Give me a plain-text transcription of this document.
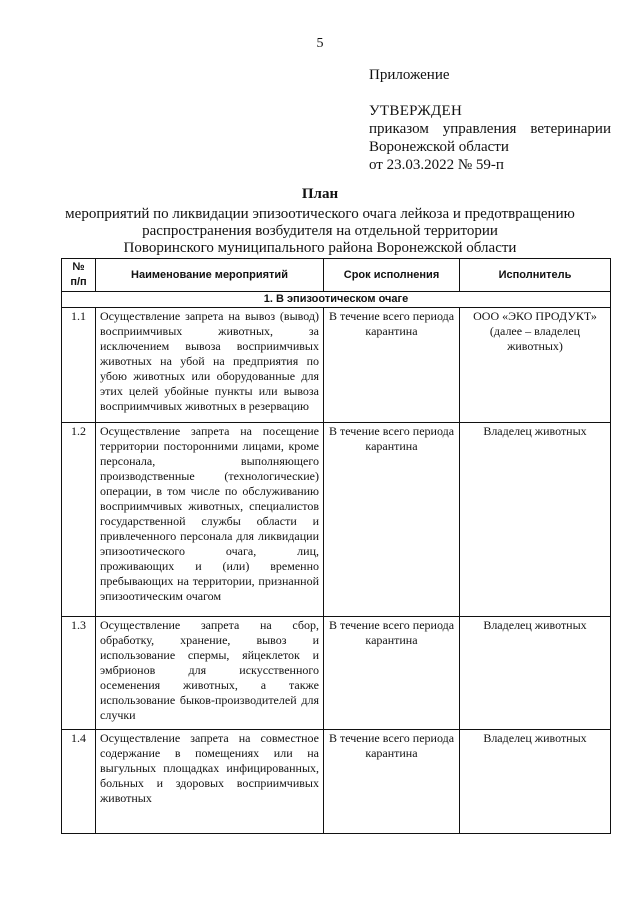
5
Приложение
УТВЕРЖДЕН
приказом управления ветеринарии
Воронежской области
от 23.03.2022 № 59-п
План
мероприятий по ликвидации эпизоотического очага лейкоза и предотвращению
распространения возбудителя на отдельной территории
Поворинского муниципального района Воронежской области
№ п/п	Наименование мероприятий	Срок исполнения	Исполнитель
1. В эпизоотическом очаге			
1.1	Осуществление запрета на вывоз (вывод) восприимчивых животных, за исключением вывоза восприимчивых животных на убой на предприятия по убою животных или оборудованные для этих целей убойные пункты или вывоза восприимчивых животных в резервацию	В течение всего периода карантина	ООО «ЭКО ПРОДУКТ» (далее – владелец животных)
1.2	Осуществление запрета на посещение территории посторонними лицами, кроме персонала, выполняющего производственные (технологические) операции, в том числе по обслуживанию восприимчивых животных, специалистов государственной службы области и привлеченного персонала для ликвидации эпизоотического очага, лиц, проживающих и (или) временно пребывающих на территории, признанной эпизоотическим очагом	В течение всего периода карантина	Владелец животных
1.3	Осуществление запрета на сбор, обработку, хранение, вывоз и использование спермы, яйцеклеток и эмбрионов для искусственного осеменения животных, а также использование быков-производителей для случки	В течение всего периода карантина	Владелец животных
1.4	Осуществление запрета на совместное содержание в помещениях или на выгульных площадках инфицированных, больных и здоровых восприимчивых животных	В течение всего периода карантина	Владелец животных
